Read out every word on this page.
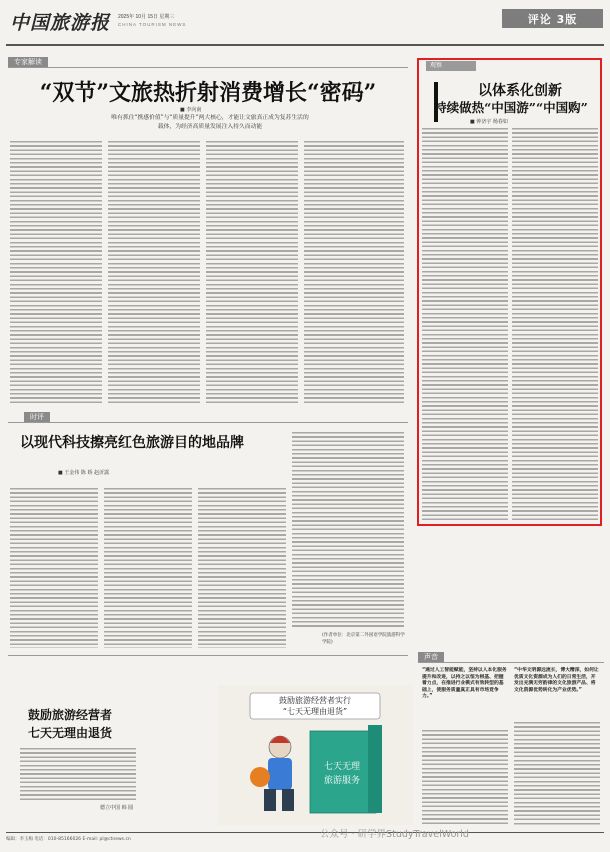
中国旅游报 2025年 10月 15日 星期三
CHINA TOURISM NEWS	评论 3版
专家解读
“双节”文旅热折射消费增长“密码”
■ 李向南
唯有抓住“携感价值”与“质量提升”两大核心，才能让文旅真正成为复苏生活的
载体，为经济高质量发展注入持久而动能
时评
以现代科技擦亮红色旅游目的地品牌
■ 王金伟 陈 娇 赵沂露
(作者单位：北京第二外国语学院旅游科学学院)
观察
以体系化创新
持续做热“中国游”“中国购”
■ 钟济宇 杨春如
鼓励旅游经营者
七天无理由退货
德立中国 韩 圆
鼓励旅游经营者实行
“七天无理由退货”
七天无理
旅游服务
声音
“通过人工智能赋能，坚持以人本化服务提升和改进，以持之以恒为根基、把握着力点，在推进行业模式有效转型的基础上，使服务质量真正具有市场竞争力。”
“中华文明源远流长，博大精深，如何让优质文化资源成为人们的日常生活，开发出充满无穷韵律的文化旅游产品、将文化资源优势转化为产业优势。”
编辑：李玉梅 电话：010-85166026 E-mail: pl@ctnews.cn	公众号 · 研学界StudyTravelWorld
